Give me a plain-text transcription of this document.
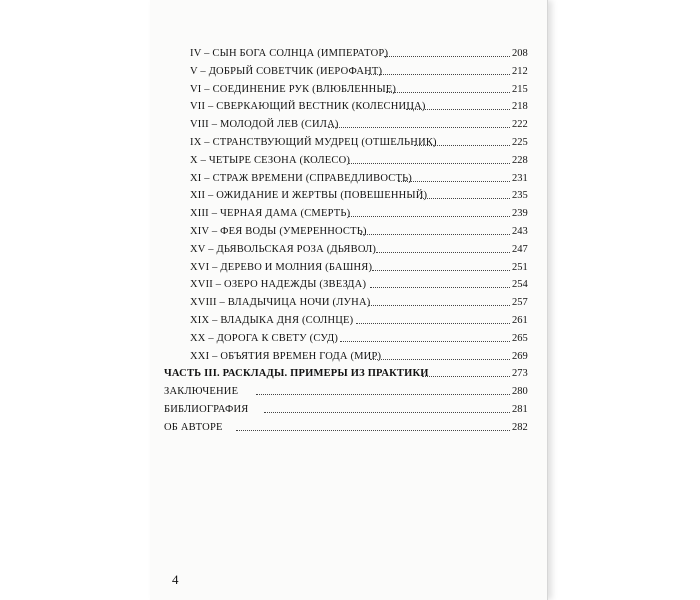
IV – СЫН БОГА СОЛНЦА (ИМПЕРАТОР)	208
V – ДОБРЫЙ СОВЕТЧИК (ИЕРОФАНТ)	212
VI – СОЕДИНЕНИЕ РУК (ВЛЮБЛЕННЫЕ)	215
VII – СВЕРКАЮЩИЙ ВЕСТНИК (КОЛЕСНИЦА)	218
VIII – МОЛОДОЙ ЛЕВ (СИЛА)	222
IX – СТРАНСТВУЮЩИЙ МУДРЕЦ (ОТШЕЛЬНИК)	225
X – ЧЕТЫРЕ СЕЗОНА (КОЛЕСО)	228
XI – СТРАЖ ВРЕМЕНИ (СПРАВЕДЛИВОСТЬ)	231
XII – ОЖИДАНИЕ И ЖЕРТВЫ (ПОВЕШЕННЫЙ)	235
XIII – ЧЕРНАЯ ДАМА (СМЕРТЬ)	239
XIV – ФЕЯ ВОДЫ (УМЕРЕННОСТЬ)	243
XV – ДЬЯВОЛЬСКАЯ РОЗА (ДЬЯВОЛ)	247
XVI – ДЕРЕВО И МОЛНИЯ (БАШНЯ)	251
XVII – ОЗЕРО НАДЕЖДЫ (ЗВЕЗДА)	254
XVIII – ВЛАДЫЧИЦА НОЧИ (ЛУНА)	257
XIX – ВЛАДЫКА ДНЯ (СОЛНЦЕ)	261
XX – ДОРОГА К СВЕТУ (СУД)	265
XXI – ОБЪЯТИЯ ВРЕМЕН ГОДА (МИР)	269
ЧАСТЬ III. РАСКЛАДЫ. ПРИМЕРЫ ИЗ ПРАКТИКИ	273
ЗАКЛЮЧЕНИЕ	280
БИБЛИОГРАФИЯ	281
ОБ АВТОРЕ	282
4
